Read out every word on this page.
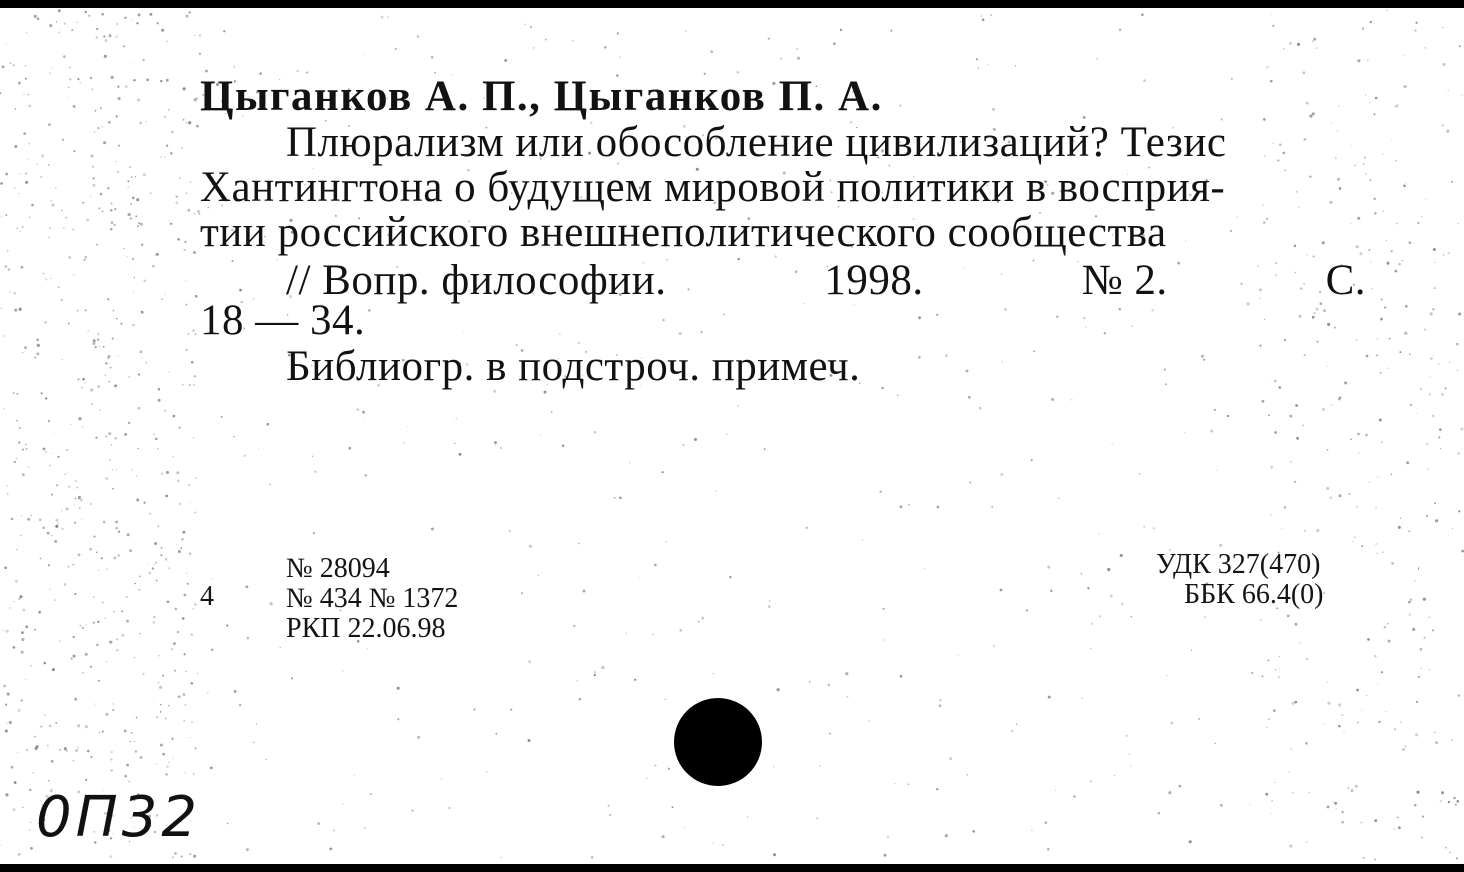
Цыганков А. П., Цыганков П. А.
Плюрализм или обособление цивилизаций? Тезис
Хантингтона о будущем мировой политики в восприя-
тии российского внешнеполитического сообщества
// Вопр. философии.	1998.	№ 2.	С.
18 — 34.
Библиогр. в подстроч. примеч.
4
№ 28094
№ 434 № 1372
РКП 22.06.98
УДК 327(470)
ББК 66.4(0)
0П32
